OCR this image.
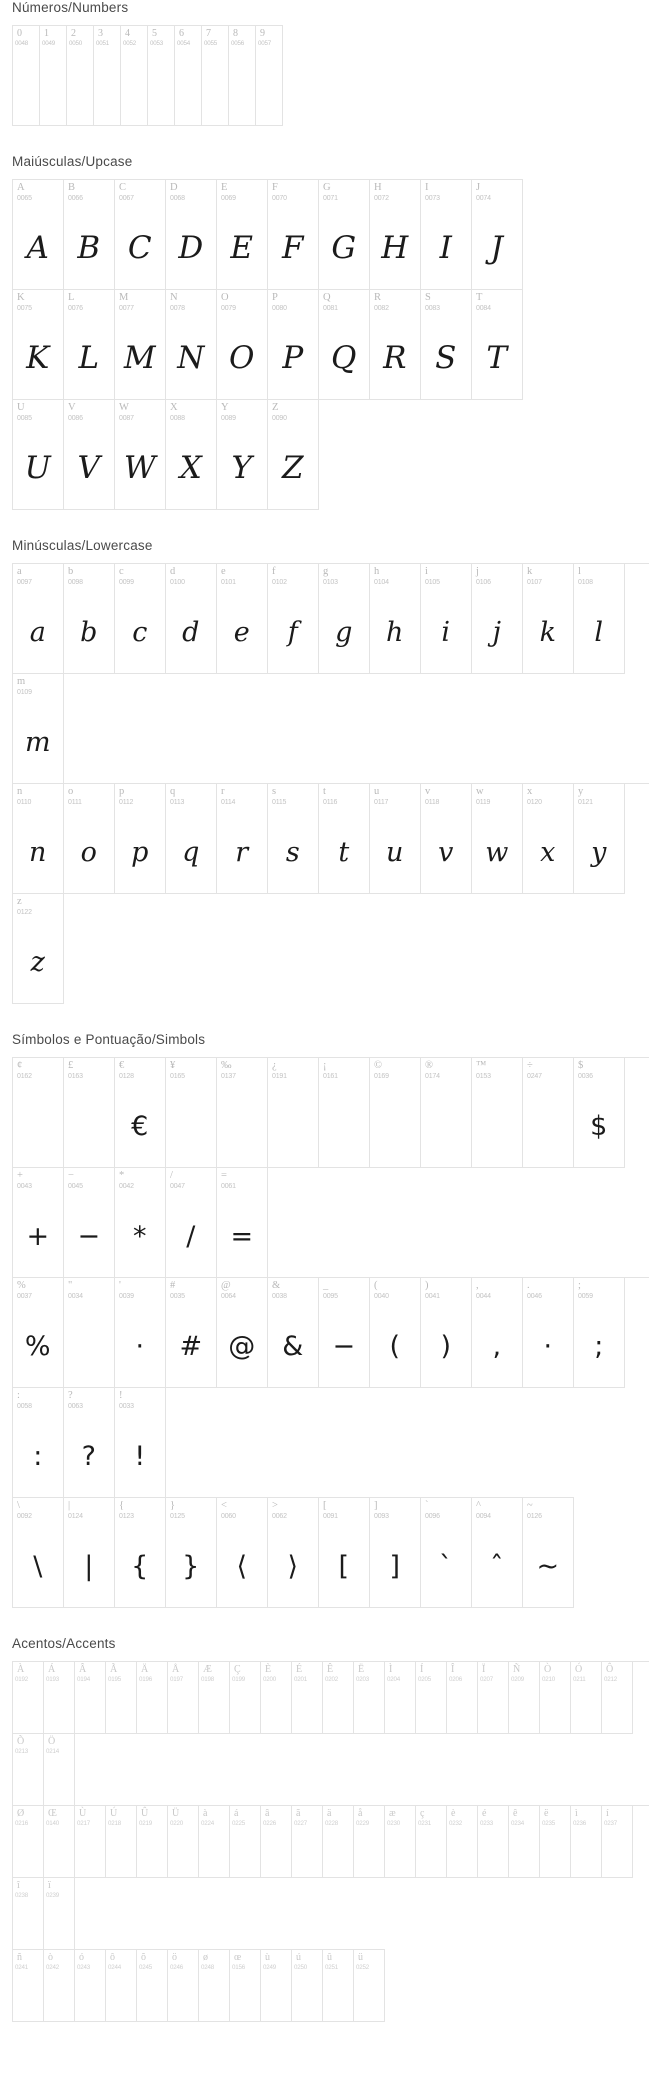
Números/Numbers
0
0048
1
0049
2
0050
3
0051
4
0052
5
0053
6
0054
7
0055
8
0056
9
0057
Maiúsculas/Upcase
A
0065
A
B
0066
B
C
0067
C
D
0068
D
E
0069
E
F
0070
F
G
0071
G
H
0072
H
I
0073
I
J
0074
J
K
0075
K
L
0076
L
M
0077
M
N
0078
N
O
0079
O
P
0080
P
Q
0081
Q
R
0082
R
S
0083
S
T
0084
T
U
0085
U
V
0086
V
W
0087
W
X
0088
X
Y
0089
Y
Z
0090
Z
Minúsculas/Lowercase
a
0097
a
b
0098
b
c
0099
c
d
0100
d
e
0101
e
f
0102
f
g
0103
g
h
0104
h
i
0105
i
j
0106
j
k
0107
k
l
0108
l
m
0109
m
n
0110
n
o
0111
o
p
0112
p
q
0113
q
r
0114
r
s
0115
s
t
0116
t
u
0117
u
v
0118
v
w
0119
w
x
0120
x
y
0121
y
z
0122
z
Símbolos e Pontuação/Simbols
¢
0162
£
0163
€
0128
€
¥
0165
‰
0137
¿
0191
¡
0161
©
0169
®
0174
™
0153
÷
0247
$
0036
$
+
0043
+
−
0045
−
*
0042
*
/
0047
/
=
0061
=
%
0037
%
"
0034
'
0039
·
#
0035
#
@
0064
@
&
0038
&
_
0095
−
(
0040
(
)
0041
)
,
0044
,
.
0046
·
;
0059
;
:
0058
:
?
0063
?
!
0033
!
\
0092
\
|
0124
|
{
0123
{
}
0125
}
<
0060
⟨
>
0062
⟩
[
0091
[
]
0093
]
`
0096
`
^
0094
ˆ
~
0126
~
Acentos/Accents
À
0192
Á
0193
Â
0194
Ã
0195
Ä
0196
Å
0197
Æ
0198
Ç
0199
È
0200
É
0201
Ê
0202
Ë
0203
Ì
0204
Í
0205
Î
0206
Ï
0207
Ñ
0209
Ò
0210
Ó
0211
Ô
0212
Õ
0213
Ö
0214
Ø
0216
Œ
0140
Ù
0217
Ú
0218
Û
0219
Ü
0220
à
0224
á
0225
â
0226
ã
0227
ä
0228
å
0229
æ
0230
ç
0231
è
0232
é
0233
ê
0234
ë
0235
ì
0236
í
0237
î
0238
ï
0239
ñ
0241
ò
0242
ó
0243
ô
0244
õ
0245
ö
0246
ø
0248
œ
0156
ù
0249
ú
0250
û
0251
ü
0252
